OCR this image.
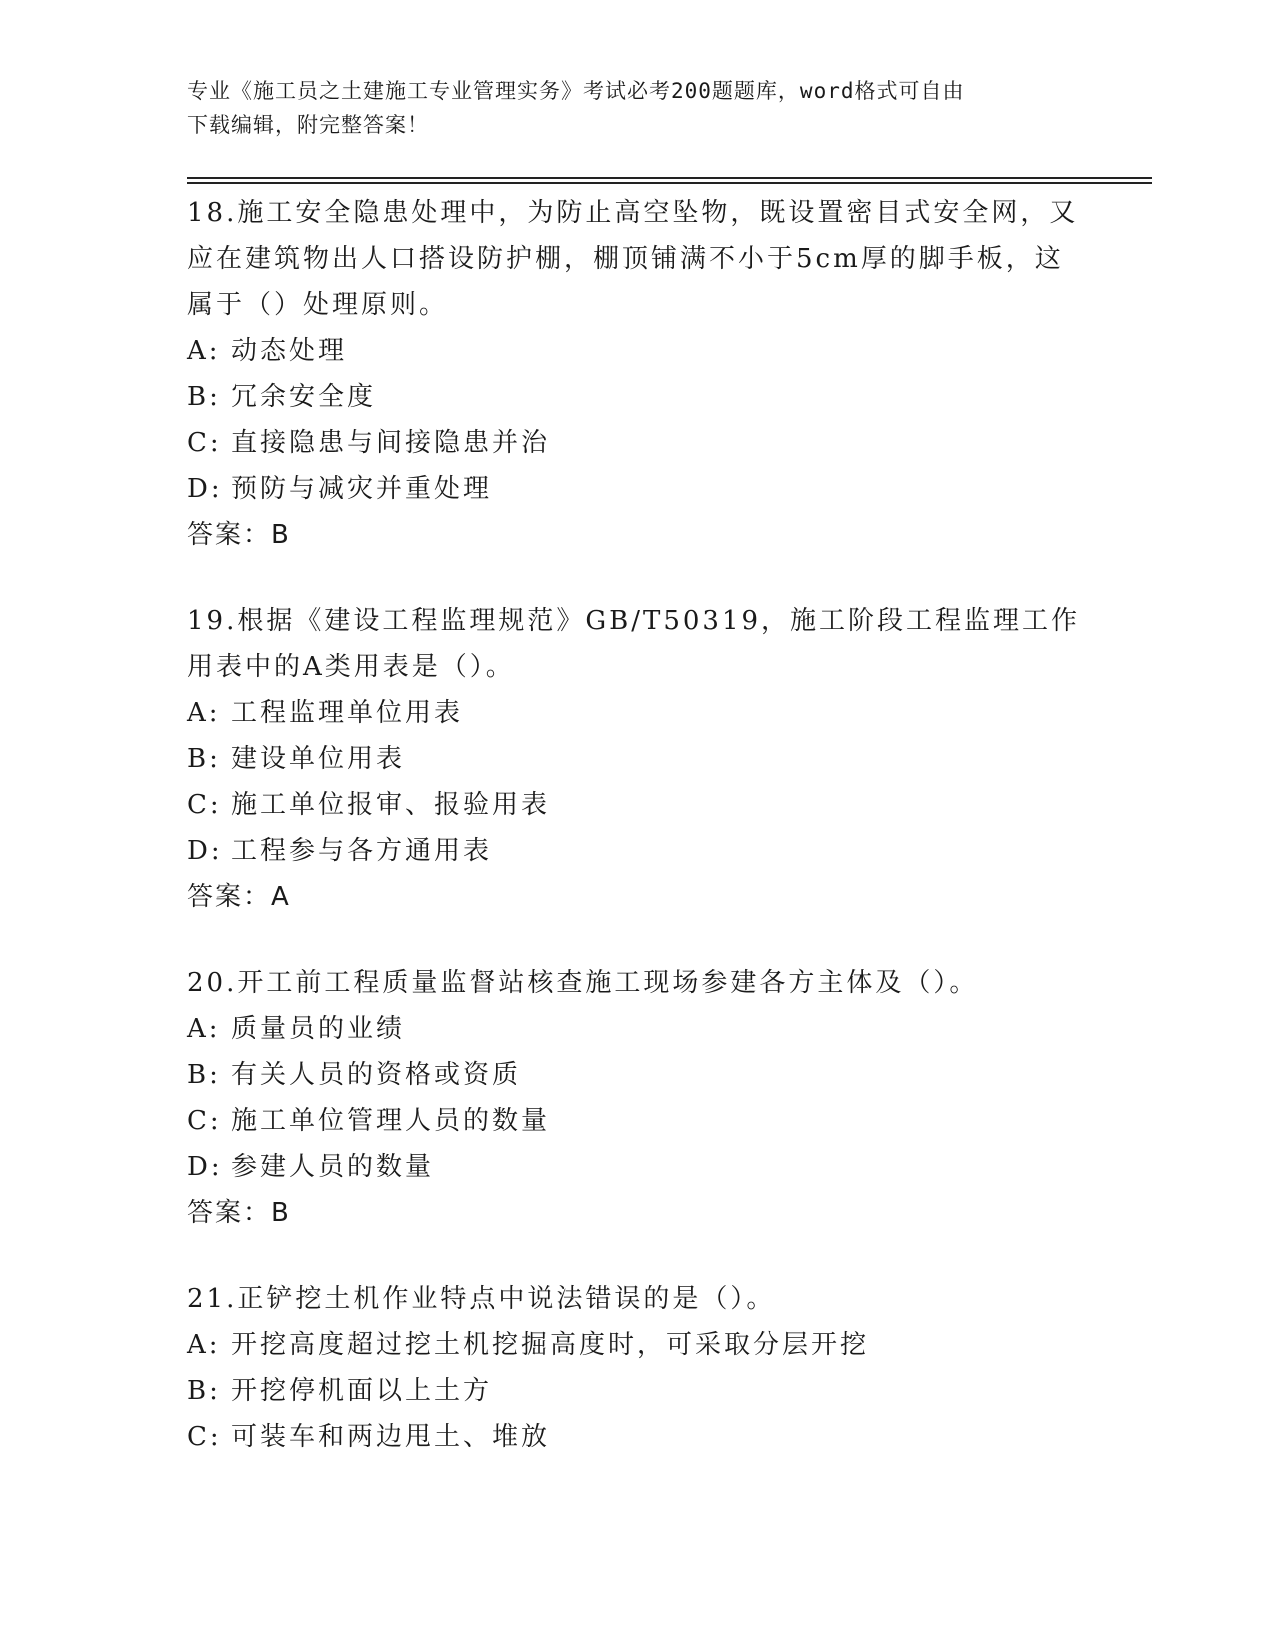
专业《施工员之土建施工专业管理实务》考试必考200题题库，word格式可自由
下载编辑，附完整答案！

18.施工安全隐患处理中，为防止高空坠物，既设置密目式安全网，又应在建筑物出人口搭设防护棚，棚顶铺满不小于5cm厚的脚手板，这属于（）处理原则。

A: 动态处理
B: 冗余安全度
C: 直接隐患与间接隐患并治
D: 预防与减灾并重处理
答案：B

19.根据《建设工程监理规范》GB/T50319，施工阶段工程监理工作用表中的A类用表是（）。

A: 工程监理单位用表
B: 建设单位用表
C: 施工单位报审、报验用表
D: 工程参与各方通用表
答案：A

20.开工前工程质量监督站核查施工现场参建各方主体及（）。

A: 质量员的业绩
B: 有关人员的资格或资质
C: 施工单位管理人员的数量
D: 参建人员的数量
答案：B

21.正铲挖土机作业特点中说法错误的是（）。

A: 开挖高度超过挖土机挖掘高度时，可采取分层开挖
B: 开挖停机面以上土方
C: 可装车和两边甩土、堆放
